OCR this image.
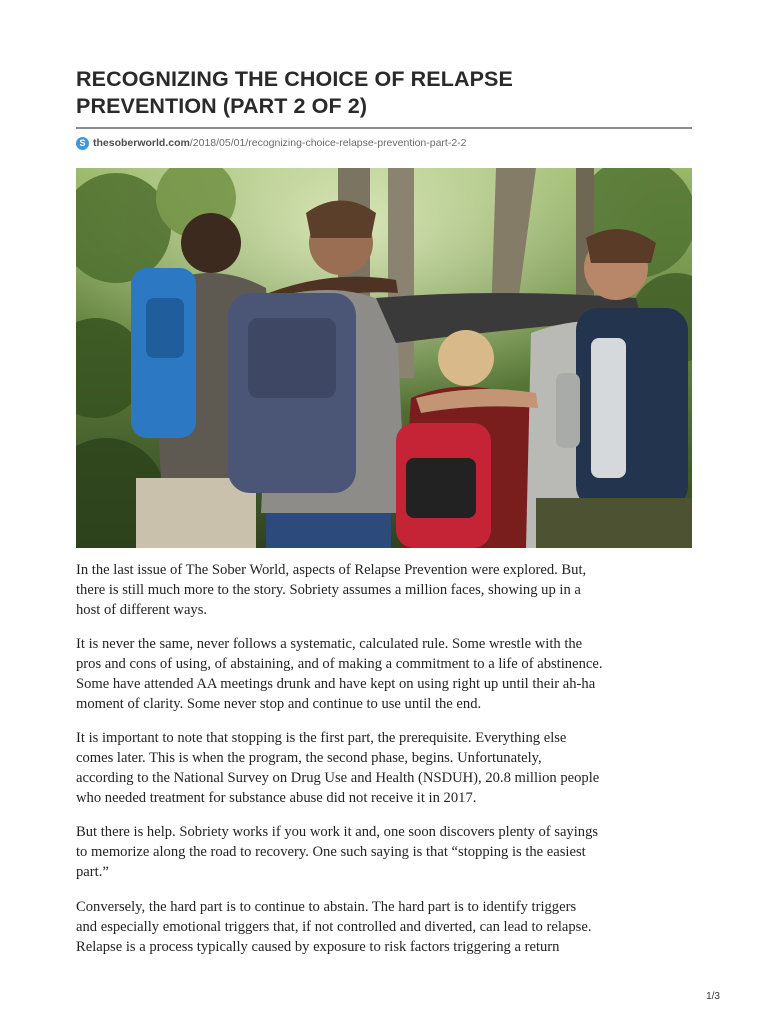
RECOGNIZING THE CHOICE OF RELAPSE
PREVENTION (PART 2 OF 2)
S thesoberworld.com /2018/05/01/recognizing-choice-relapse-prevention-part-2-2

In the last issue of The Sober World, aspects of Relapse Prevention were explored. But,
there is still much more to the story. Sobriety assumes a million faces, showing up in a
host of different ways.

It is never the same, never follows a systematic, calculated rule. Some wrestle with the
pros and cons of using, of abstaining, and of making a commitment to a life of abstinence.
Some have attended AA meetings drunk and have kept on using right up until their ah-ha
moment of clarity. Some never stop and continue to use until the end.

It is important to note that stopping is the first part, the prerequisite. Everything else
comes later. This is when the program, the second phase, begins. Unfortunately,
according to the National Survey on Drug Use and Health (NSDUH), 20.8 million people
who needed treatment for substance abuse did not receive it in 2017.

But there is help. Sobriety works if you work it and, one soon discovers plenty of sayings
to memorize along the road to recovery. One such saying is that “stopping is the easiest
part.”

Conversely, the hard part is to continue to abstain. The hard part is to identify triggers
and especially emotional triggers that, if not controlled and diverted, can lead to relapse.
Relapse is a process typically caused by exposure to risk factors triggering a return

1/3
